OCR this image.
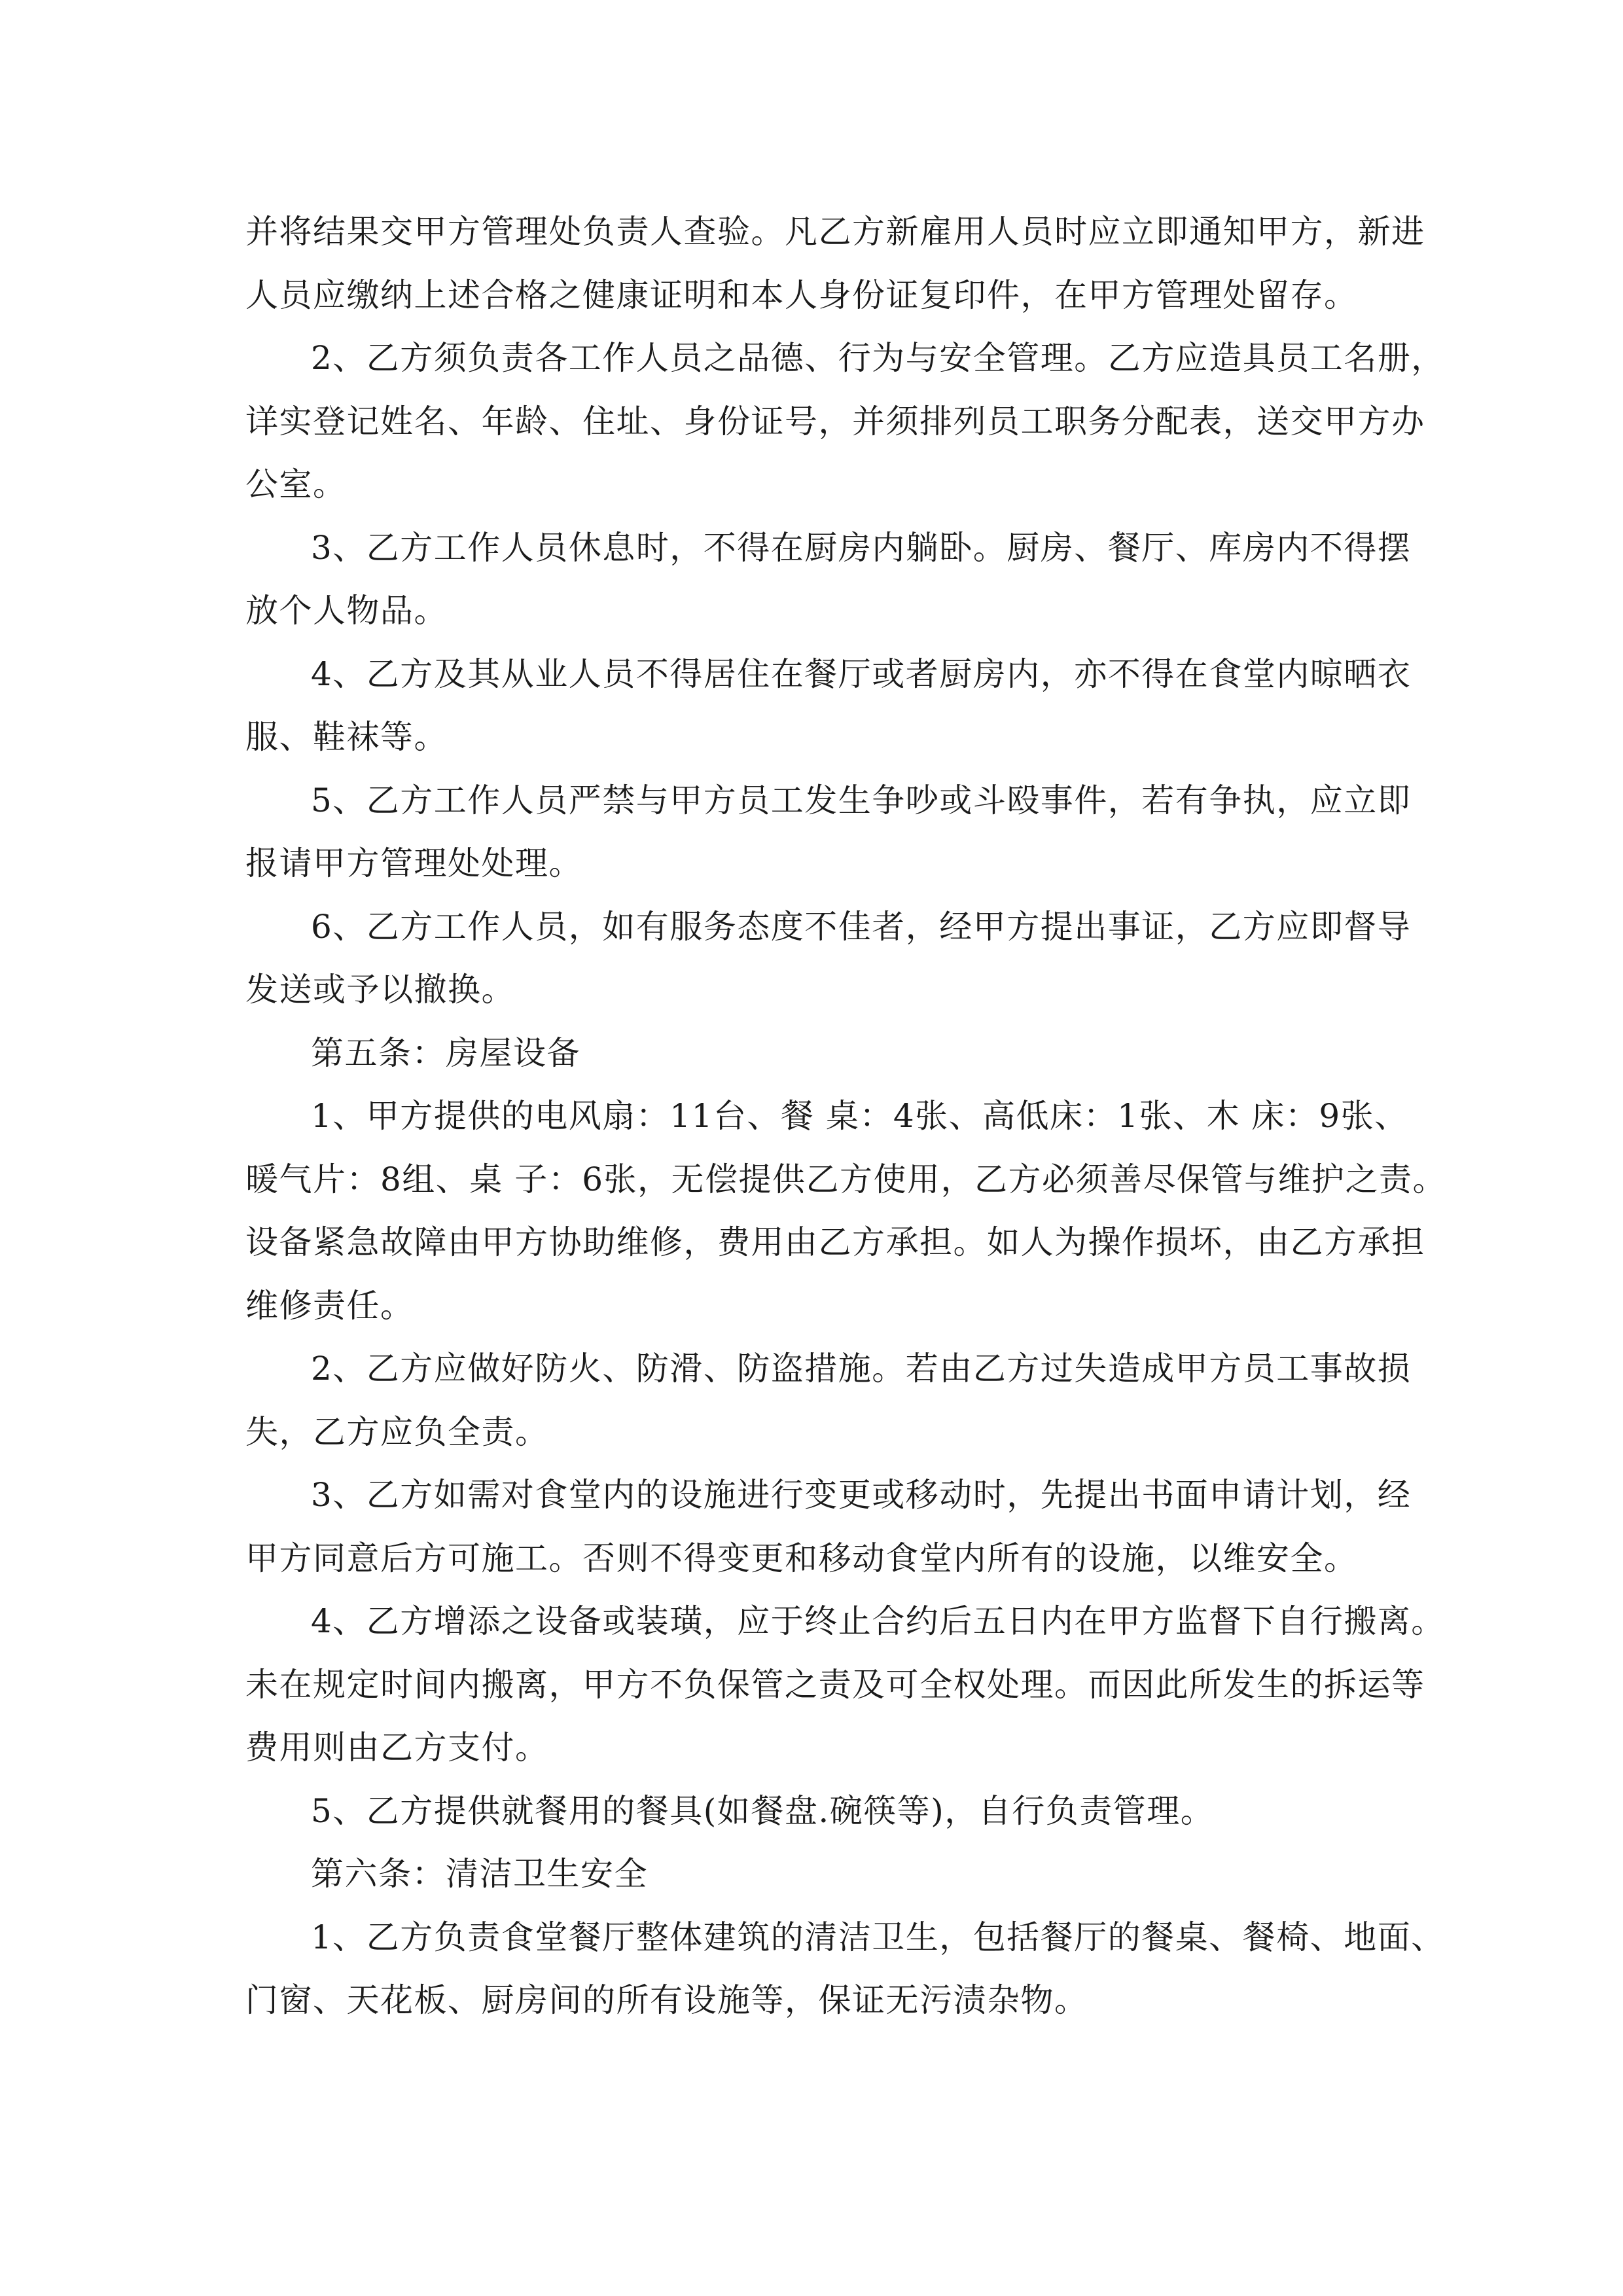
并将结果交甲方管理处负责人查验。凡乙方新雇用人员时应立即通知甲方，新进
人员应缴纳上述合格之健康证明和本人身份证复印件，在甲方管理处留存。
2、乙方须负责各工作人员之品德、行为与安全管理。乙方应造具员工名册，
详实登记姓名、年龄、住址、身份证号，并须排列员工职务分配表，送交甲方办
公室。
3、乙方工作人员休息时，不得在厨房内躺卧。厨房、餐厅、库房内不得摆
放个人物品。
4、乙方及其从业人员不得居住在餐厅或者厨房内，亦不得在食堂内晾晒衣
服、鞋袜等。
5、乙方工作人员严禁与甲方员工发生争吵或斗殴事件，若有争执，应立即
报请甲方管理处处理。
6、乙方工作人员，如有服务态度不佳者，经甲方提出事证，乙方应即督导
发送或予以撤换。
第五条：房屋设备
1、甲方提供的电风扇：11台、餐 桌：4张、高低床：1张、木 床：9张、
暖气片：8组、桌 子：6张，无偿提供乙方使用，乙方必须善尽保管与维护之责。
设备紧急故障由甲方协助维修，费用由乙方承担。如人为操作损坏，由乙方承担
维修责任。
2、乙方应做好防火、防滑、防盗措施。若由乙方过失造成甲方员工事故损
失，乙方应负全责。
3、乙方如需对食堂内的设施进行变更或移动时，先提出书面申请计划，经
甲方同意后方可施工。否则不得变更和移动食堂内所有的设施，以维安全。
4、乙方增添之设备或装璜，应于终止合约后五日内在甲方监督下自行搬离。
未在规定时间内搬离，甲方不负保管之责及可全权处理。而因此所发生的拆运等
费用则由乙方支付。
5、乙方提供就餐用的餐具(如餐盘.碗筷等)，自行负责管理。
第六条：清洁卫生安全
1、乙方负责食堂餐厅整体建筑的清洁卫生，包括餐厅的餐桌、餐椅、地面、
门窗、天花板、厨房间的所有设施等，保证无污渍杂物。
